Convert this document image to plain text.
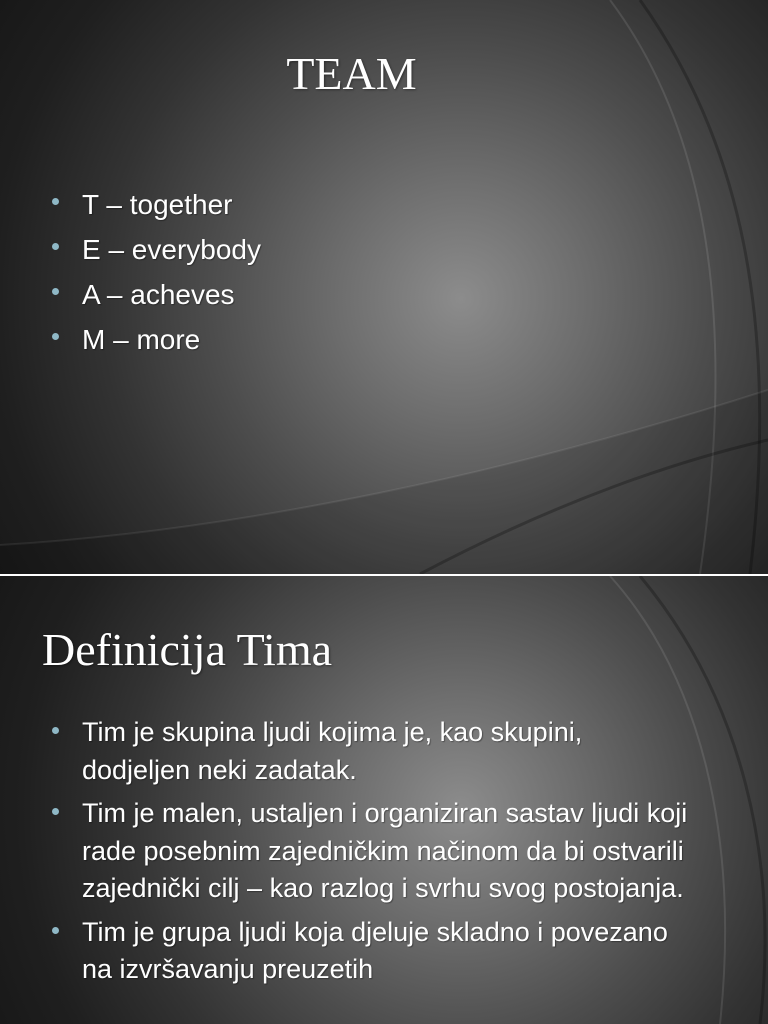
TEAM
T – together
E – everybody
A – acheves
M – more
Definicija Tima
Tim je skupina ljudi kojima je, kao skupini, dodjeljen neki zadatak.
Tim je malen, ustaljen i organiziran sastav ljudi koji rade posebnim zajedničkim načinom da bi ostvarili zajednički cilj – kao razlog i svrhu svog postojanja.
Tim je grupa ljudi koja djeluje skladno i povezano na izvršavanju preuzetih
